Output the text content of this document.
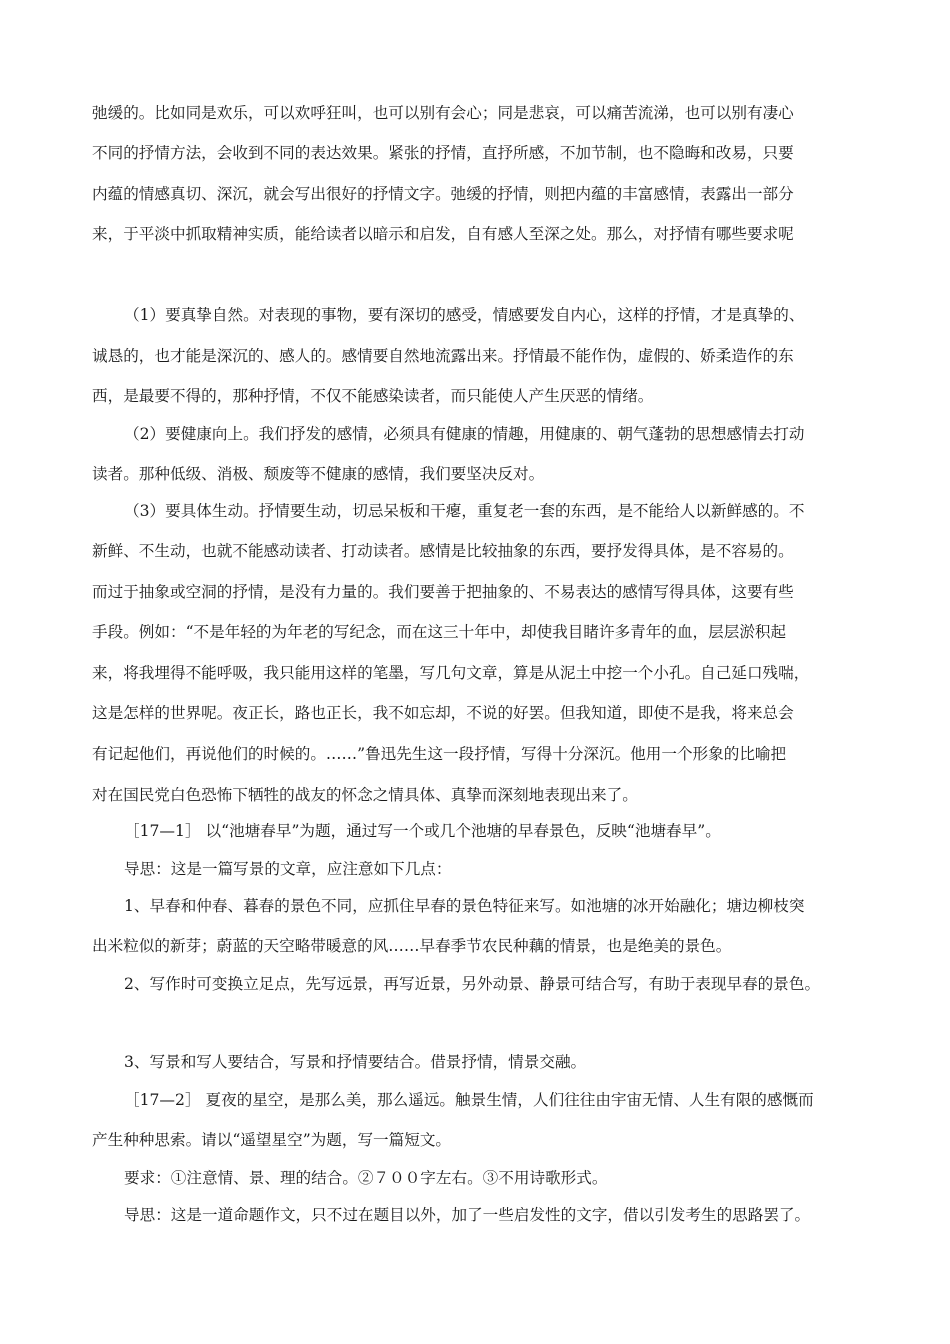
弛缓的。比如同是欢乐，可以欢呼狂叫，也可以别有会心；同是悲哀，可以痛苦流涕，也可以别有凄心
不同的抒情方法，会收到不同的表达效果。紧张的抒情，直抒所感，不加节制，也不隐晦和改易，只要
内蕴的情感真切、深沉，就会写出很好的抒情文字。弛缓的抒情，则把内蕴的丰富感情，表露出一部分
来，于平淡中抓取精神实质，能给读者以暗示和启发，自有感人至深之处。那么，对抒情有哪些要求呢
（1）要真挚自然。对表现的事物，要有深切的感受，情感要发自内心，这样的抒情，才是真挚的、
诚恳的，也才能是深沉的、感人的。感情要自然地流露出来。抒情最不能作伪，虚假的、娇柔造作的东
西，是最要不得的，那种抒情，不仅不能感染读者，而只能使人产生厌恶的情绪。
（2）要健康向上。我们抒发的感情，必须具有健康的情趣，用健康的、朝气蓬勃的思想感情去打动
读者。那种低级、消极、颓废等不健康的感情，我们要坚决反对。
（3）要具体生动。抒情要生动，切忌呆板和干瘪，重复老一套的东西，是不能给人以新鲜感的。不
新鲜、不生动，也就不能感动读者、打动读者。感情是比较抽象的东西，要抒发得具体，是不容易的。
而过于抽象或空洞的抒情，是没有力量的。我们要善于把抽象的、不易表达的感情写得具体，这要有些
手段。例如：“不是年轻的为年老的写纪念，而在这三十年中，却使我目睹许多青年的血，层层淤积起
来，将我埋得不能呼吸，我只能用这样的笔墨，写几句文章，算是从泥土中挖一个小孔。自己延口残喘，
这是怎样的世界呢。夜正长，路也正长，我不如忘却，不说的好罢。但我知道，即使不是我，将来总会
有记起他们，再说他们的时候的。……”鲁迅先生这一段抒情，写得十分深沉。他用一个形象的比喻把
对在国民党白色恐怖下牺牲的战友的怀念之情具体、真挚而深刻地表现出来了。
［17—1］ 以“池塘春早”为题，通过写一个或几个池塘的早春景色，反映“池塘春早”。
导思：这是一篇写景的文章，应注意如下几点：
1、早春和仲春、暮春的景色不同，应抓住早春的景色特征来写。如池塘的冰开始融化；塘边柳枝突
出米粒似的新芽；蔚蓝的天空略带暖意的风……早春季节农民种藕的情景，也是绝美的景色。
2、写作时可变换立足点，先写远景，再写近景，另外动景、静景可结合写，有助于表现早春的景色。
3、写景和写人要结合，写景和抒情要结合。借景抒情，情景交融。
［17—2］ 夏夜的星空，是那么美，那么遥远。触景生情，人们往往由宇宙无情、人生有限的感慨而
产生种种思索。请以“遥望星空”为题，写一篇短文。
要求：①注意情、景、理的结合。②７００字左右。③不用诗歌形式。
导思：这是一道命题作文，只不过在题目以外，加了一些启发性的文字，借以引发考生的思路罢了。
